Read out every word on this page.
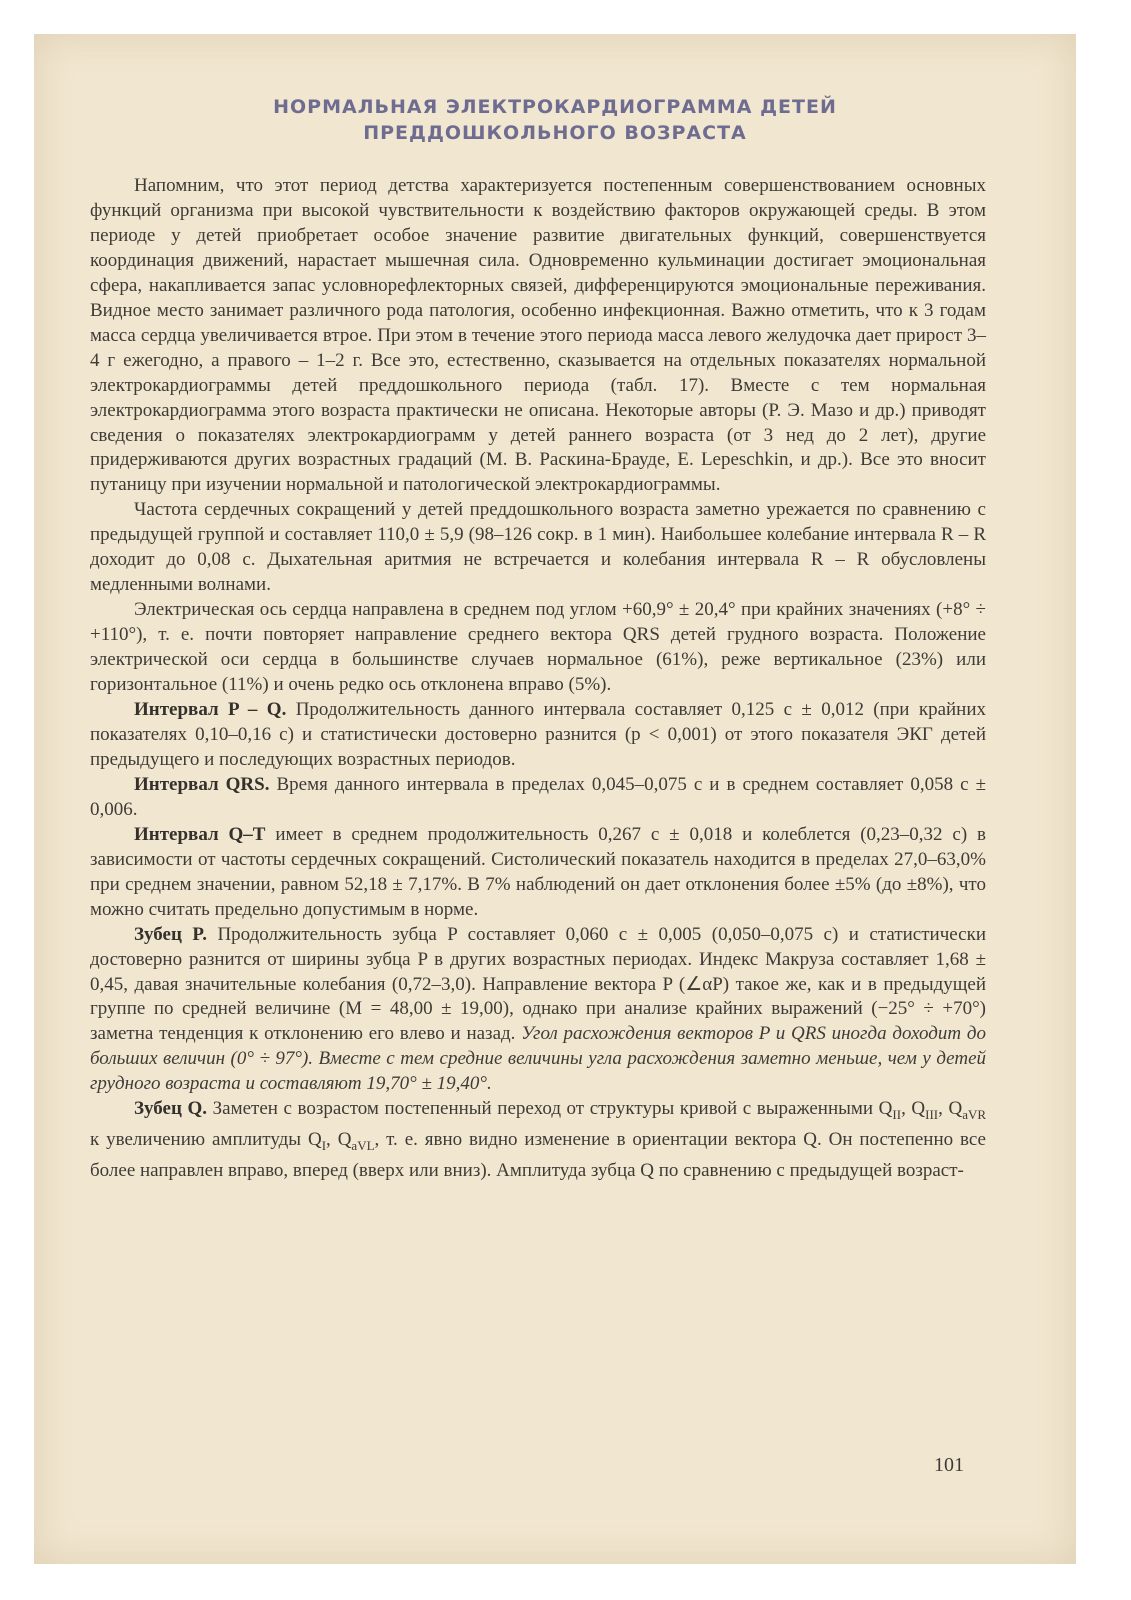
НОРМАЛЬНАЯ ЭЛЕКТРОКАРДИОГРАММА ДЕТЕЙ
ПРЕДДОШКОЛЬНОГО ВОЗРАСТА

Напомним, что этот период детства характеризуется постепенным совершенствованием основных функций организма при высокой чувствительности к воздействию факторов окружающей среды. В этом периоде у детей приобретает особое значение развитие двигательных функций, совершенствуется координация движений, нарастает мышечная сила. Одновременно кульминации достигает эмоциональная сфера, накапливается запас условнорефлекторных связей, дифференцируются эмоциональные переживания. Видное место занимает различного рода патология, особенно инфекционная. Важно отметить, что к 3 годам масса сердца увеличивается втрое. При этом в течение этого периода масса левого желудочка дает прирост 3–4 г ежегодно, а правого – 1–2 г. Все это, естественно, сказывается на отдельных показателях нормальной электрокардиограммы детей преддошкольного периода (табл. 17). Вместе с тем нормальная электрокардиограмма этого возраста практически не описана. Некоторые авторы (Р. Э. Мазо и др.) приводят сведения о показателях электрокардиограмм у детей раннего возраста (от 3 нед до 2 лет), другие придерживаются других возрастных градаций (М. В. Раскина-Брауде, E. Lepeschkin, и др.). Все это вносит путаницу при изучении нормальной и патологической электрокардиограммы.

Частота сердечных сокращений у детей преддошкольного возраста заметно урежается по сравнению с предыдущей группой и составляет 110,0 ± 5,9 (98–126 сокр. в 1 мин). Наибольшее колебание интервала R – R доходит до 0,08 с. Дыхательная аритмия не встречается и колебания интервала R – R обусловлены медленными волнами.

Электрическая ось сердца направлена в среднем под углом +60,9° ± 20,4° при крайних значениях (+8° ÷ +110°), т. е. почти повторяет направление среднего вектора QRS детей грудного возраста. Положение электрической оси сердца в большинстве случаев нормальное (61%), реже вертикальное (23%) или горизонтальное (11%) и очень редко ось отклонена вправо (5%).

Интервал P – Q. Продолжительность данного интервала составляет 0,125 с ± 0,012 (при крайних показателях 0,10–0,16 с) и статистически достоверно разнится (p < 0,001) от этого показателя ЭКГ детей предыдущего и последующих возрастных периодов.

Интервал QRS. Время данного интервала в пределах 0,045–0,075 с и в среднем составляет 0,058 с ± 0,006.

Интервал Q–T имеет в среднем продолжительность 0,267 с ± 0,018 и колеблется (0,23–0,32 с) в зависимости от частоты сердечных сокращений. Систолический показатель находится в пределах 27,0–63,0% при среднем значении, равном 52,18 ± 7,17%. В 7% наблюдений он дает отклонения более ±5% (до ±8%), что можно считать предельно допустимым в норме.

Зубец P. Продолжительность зубца P составляет 0,060 с ± 0,005 (0,050–0,075 с) и статистически достоверно разнится от ширины зубца P в других возрастных периодах. Индекс Макруза составляет 1,68 ± 0,45, давая значительные колебания (0,72–3,0). Направление вектора P (∠αP) такое же, как и в предыдущей группе по средней величине (M = 48,00 ± 19,00), однако при анализе крайних выражений (−25° ÷ +70°) заметна тенденция к отклонению его влево и назад. Угол расхождения векторов P и QRS иногда доходит до больших величин (0° ÷ 97°). Вместе с тем средние величины угла расхождения заметно меньше, чем у детей грудного возраста и составляют 19,70° ± 19,40°.

Зубец Q. Заметен с возрастом постепенный переход от структуры кривой с выраженными $Q_{II}$, $Q_{III}$, $Q_{aVR}$ к увеличению амплитуды $Q_I$, $Q_{aVL}$, т. е. явно видно изменение в ориентации вектора Q. Он постепенно все более направлен вправо, вперед (вверх или вниз). Амплитуда зубца Q по сравнению с предыдущей возраст-

101
